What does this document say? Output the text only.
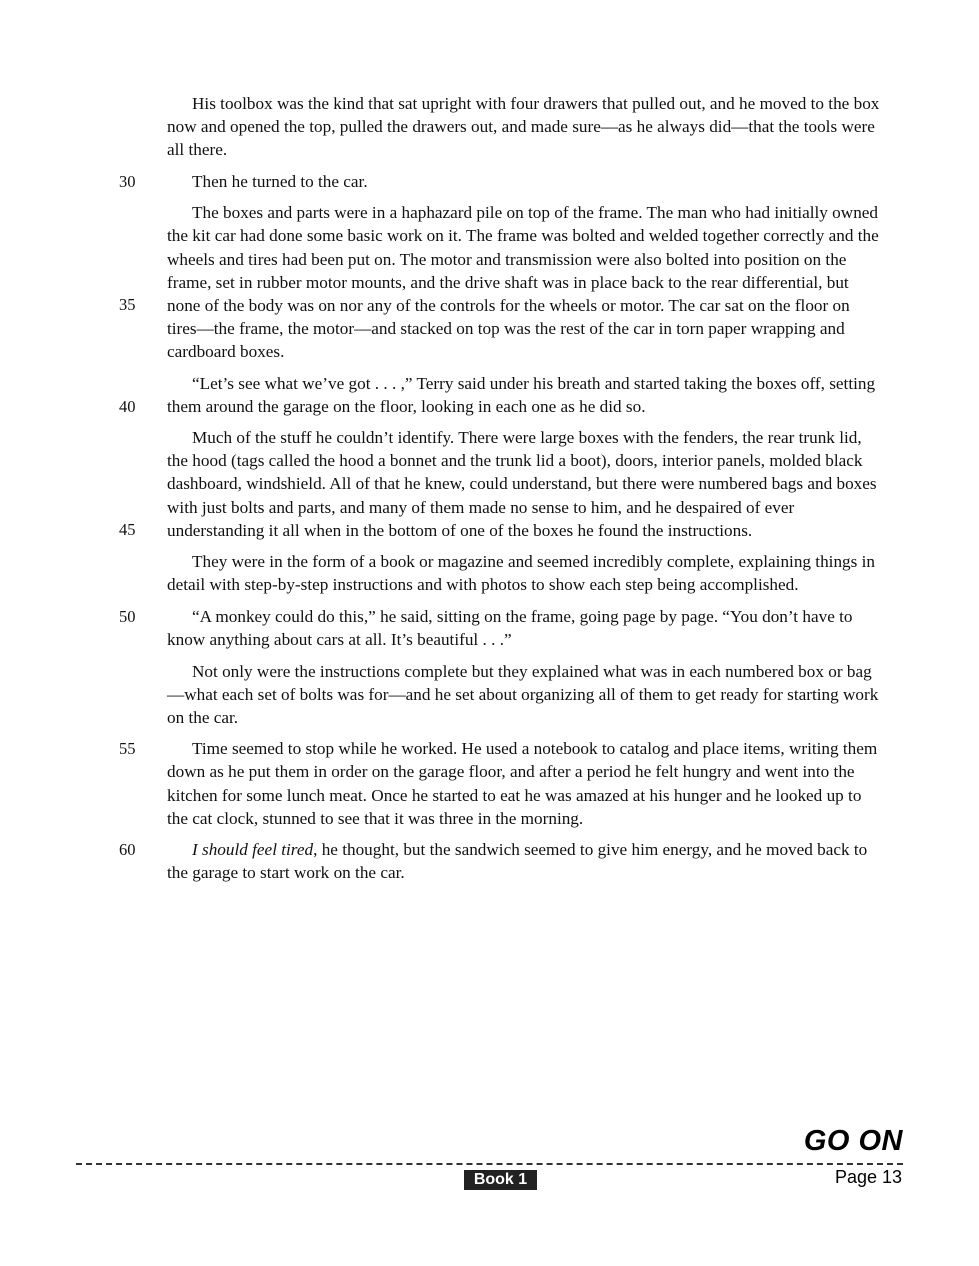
His toolbox was the kind that sat upright with four drawers that pulled out, and he moved to the box now and opened the top, pulled the drawers out, and made sure—as he always did—that the tools were all there.

30	Then he turned to the car.

35
The boxes and parts were in a haphazard pile on top of the frame. The man who had initially owned the kit car had done some basic work on it. The frame was bolted and welded together correctly and the wheels and tires had been put on. The motor and transmission were also bolted into position on the frame, set in rubber motor mounts, and the drive shaft was in place back to the rear differential, but none of the body was on nor any of the controls for the wheels or motor. The car sat on the floor on tires—the frame, the motor—and stacked on top was the rest of the car in torn paper wrapping and cardboard boxes.

40
“Let’s see what we’ve got . . . ,” Terry said under his breath and started taking the boxes off, setting them around the garage on the floor, looking in each one as he did so.

45
Much of the stuff he couldn’t identify. There were large boxes with the fenders, the rear trunk lid, the hood (tags called the hood a bonnet and the trunk lid a boot), doors, interior panels, molded black dashboard, windshield. All of that he knew, could understand, but there were numbered bags and boxes with just bolts and parts, and many of them made no sense to him, and he despaired of ever understanding it all when in the bottom of one of the boxes he found the instructions.

They were in the form of a book or magazine and seemed incredibly complete, explaining things in detail with step-by-step instructions and with photos to show each step being accomplished.

50	“A monkey could do this,” he said, sitting on the frame, going page by page. “You don’t have to know anything about cars at all. It’s beautiful . . .”

Not only were the instructions complete but they explained what was in each numbered box or bag—what each set of bolts was for—and he set about organizing all of them to get ready for starting work on the car.

55	Time seemed to stop while he worked. He used a notebook to catalog and place items, writing them down as he put them in order on the garage floor, and after a period he felt hungry and went into the kitchen for some lunch meat. Once he started to eat he was amazed at his hunger and he looked up to the cat clock, stunned to see that it was three in the morning.

60	I should feel tired, he thought, but the sandwich seemed to give him energy, and he moved back to the garage to start work on the car.

GO ON
Book 1	Page 13
